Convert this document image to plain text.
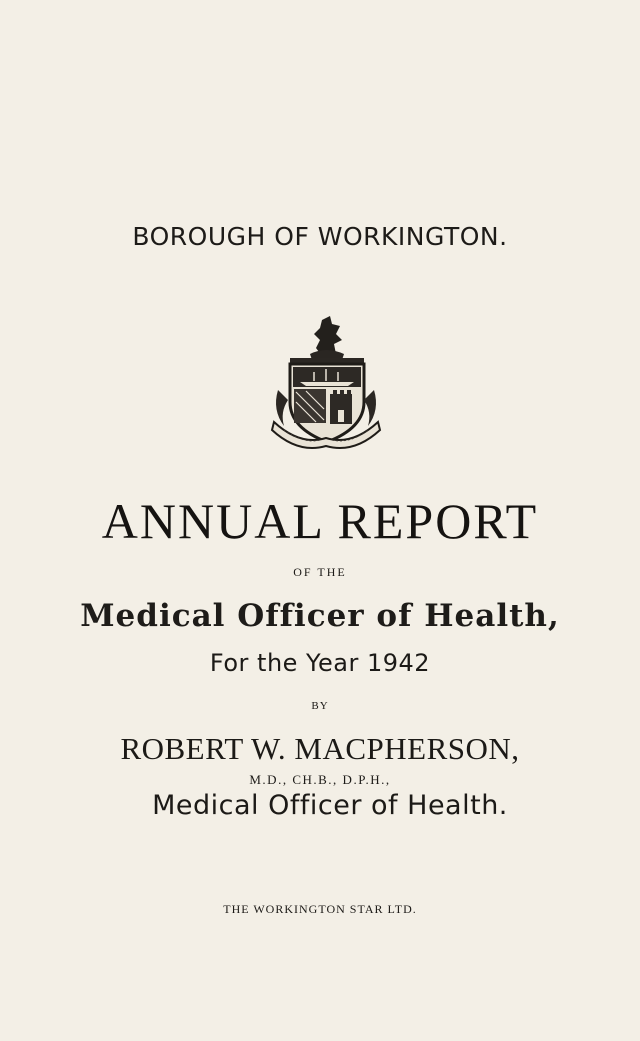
BOROUGH OF WORKINGTON.
ANNUAL REPORT
OF THE
Medical Officer of Health,
For the Year 1942
BY
ROBERT W. MACPHERSON,
M.D., CH.B., D.P.H.,
Medical Officer of Health.
THE WORKINGTON STAR LTD.
